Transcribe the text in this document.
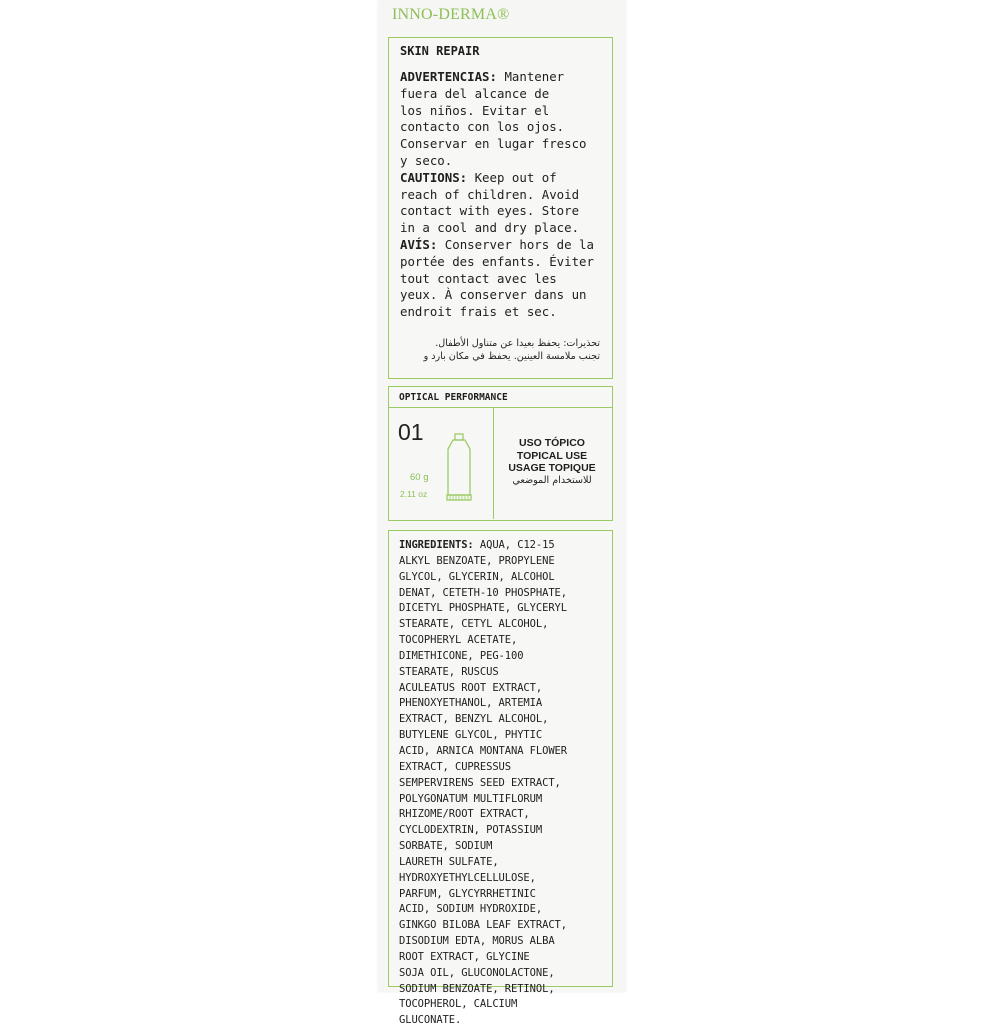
INNO-DERMA®
SKIN REPAIR

ADVERTENCIAS: Mantener
fuera del alcance de
los niños. Evitar el
contacto con los ojos.
Conservar en lugar fresco
y seco.
CAUTIONS: Keep out of
reach of children. Avoid
contact with eyes. Store
in a cool and dry place.
AVÍS: Conserver hors de la
portée des enfants. Éviter
tout contact avec les
yeux. À conserver dans un
endroit frais et sec.

تحذيرات: يحفظ بعيدا عن متناول الأطفال.
تجنب ملامسة العينين. يحفظ في مكان بارد و
OPTICAL PERFORMANCE
01
60 g
2.11 oz
USO TÓPICO
TOPICAL USE
USAGE TOPIQUE
للاستخدام الموضعي

INGREDIENTS: AQUA, C12-15
ALKYL BENZOATE, PROPYLENE
GLYCOL, GLYCERIN, ALCOHOL
DENAT, CETETH-10 PHOSPHATE,
DICETYL PHOSPHATE, GLYCERYL
STEARATE, CETYL ALCOHOL,
TOCOPHERYL ACETATE,
DIMETHICONE, PEG-100
STEARATE, RUSCUS
ACULEATUS ROOT EXTRACT,
PHENOXYETHANOL, ARTEMIA
EXTRACT, BENZYL ALCOHOL,
BUTYLENE GLYCOL, PHYTIC
ACID, ARNICA MONTANA FLOWER
EXTRACT, CUPRESSUS
SEMPERVIRENS SEED EXTRACT,
POLYGONATUM MULTIFLORUM
RHIZOME/ROOT EXTRACT,
CYCLODEXTRIN, POTASSIUM
SORBATE, SODIUM
LAURETH SULFATE,
HYDROXYETHYLCELLULOSE,
PARFUM, GLYCYRRHETINIC
ACID, SODIUM HYDROXIDE,
GINKGO BILOBA LEAF EXTRACT,
DISODIUM EDTA, MORUS ALBA
ROOT EXTRACT, GLYCINE
SOJA OIL, GLUCONOLACTONE,
SODIUM BENZOATE, RETINOL,
TOCOPHEROL, CALCIUM
GLUCONATE.
